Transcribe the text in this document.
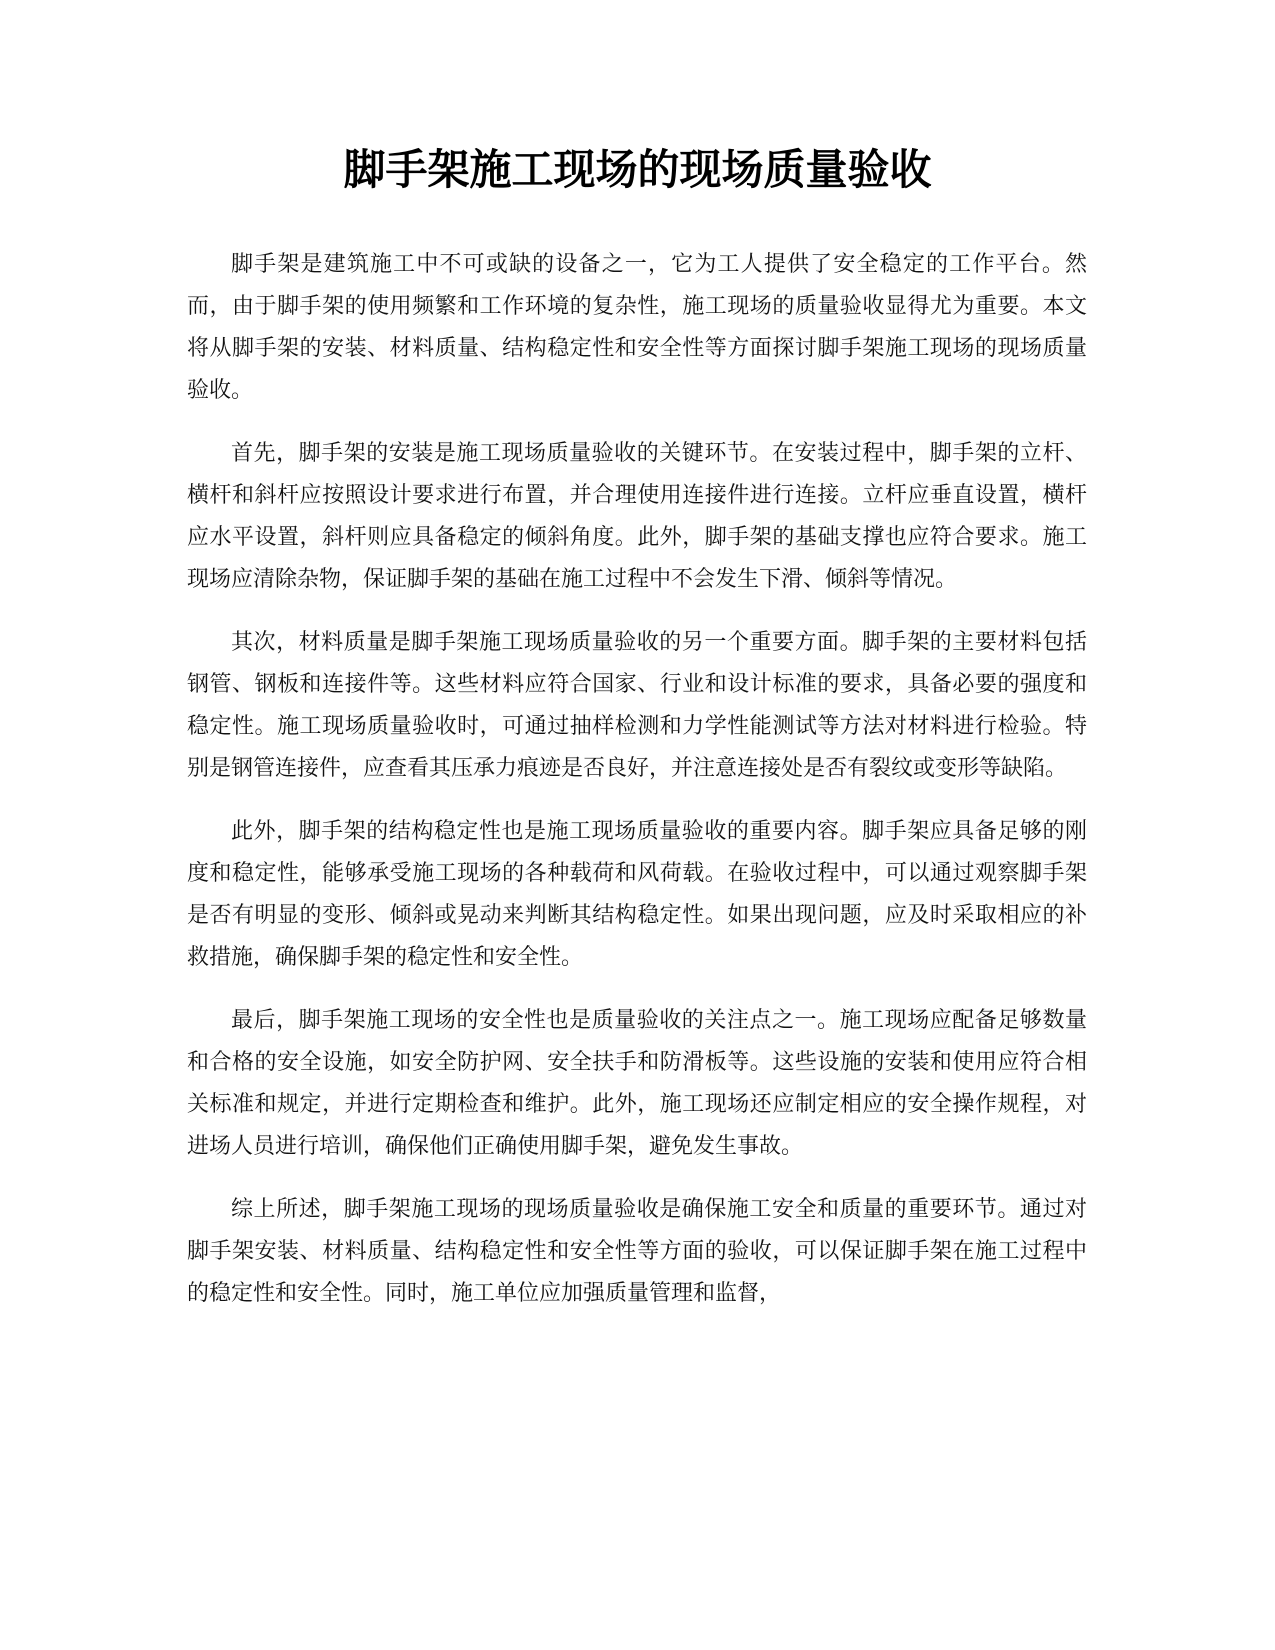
脚手架施工现场的现场质量验收

脚手架是建筑施工中不可或缺的设备之一，它为工人提供了安全稳定的工作平台。然而，由于脚手架的使用频繁和工作环境的复杂性，施工现场的质量验收显得尤为重要。本文将从脚手架的安装、材料质量、结构稳定性和安全性等方面探讨脚手架施工现场的现场质量验收。

首先，脚手架的安装是施工现场质量验收的关键环节。在安装过程中，脚手架的立杆、横杆和斜杆应按照设计要求进行布置，并合理使用连接件进行连接。立杆应垂直设置，横杆应水平设置，斜杆则应具备稳定的倾斜角度。此外，脚手架的基础支撑也应符合要求。施工现场应清除杂物，保证脚手架的基础在施工过程中不会发生下滑、倾斜等情况。

其次，材料质量是脚手架施工现场质量验收的另一个重要方面。脚手架的主要材料包括钢管、钢板和连接件等。这些材料应符合国家、行业和设计标准的要求，具备必要的强度和稳定性。施工现场质量验收时，可通过抽样检测和力学性能测试等方法对材料进行检验。特别是钢管连接件，应查看其压承力痕迹是否良好，并注意连接处是否有裂纹或变形等缺陷。

此外，脚手架的结构稳定性也是施工现场质量验收的重要内容。脚手架应具备足够的刚度和稳定性，能够承受施工现场的各种载荷和风荷载。在验收过程中，可以通过观察脚手架是否有明显的变形、倾斜或晃动来判断其结构稳定性。如果出现问题，应及时采取相应的补救措施，确保脚手架的稳定性和安全性。

最后，脚手架施工现场的安全性也是质量验收的关注点之一。施工现场应配备足够数量和合格的安全设施，如安全防护网、安全扶手和防滑板等。这些设施的安装和使用应符合相关标准和规定，并进行定期检查和维护。此外，施工现场还应制定相应的安全操作规程，对进场人员进行培训，确保他们正确使用脚手架，避免发生事故。

综上所述，脚手架施工现场的现场质量验收是确保施工安全和质量的重要环节。通过对脚手架安装、材料质量、结构稳定性和安全性等方面的验收，可以保证脚手架在施工过程中的稳定性和安全性。同时，施工单位应加强质量管理和监督，
